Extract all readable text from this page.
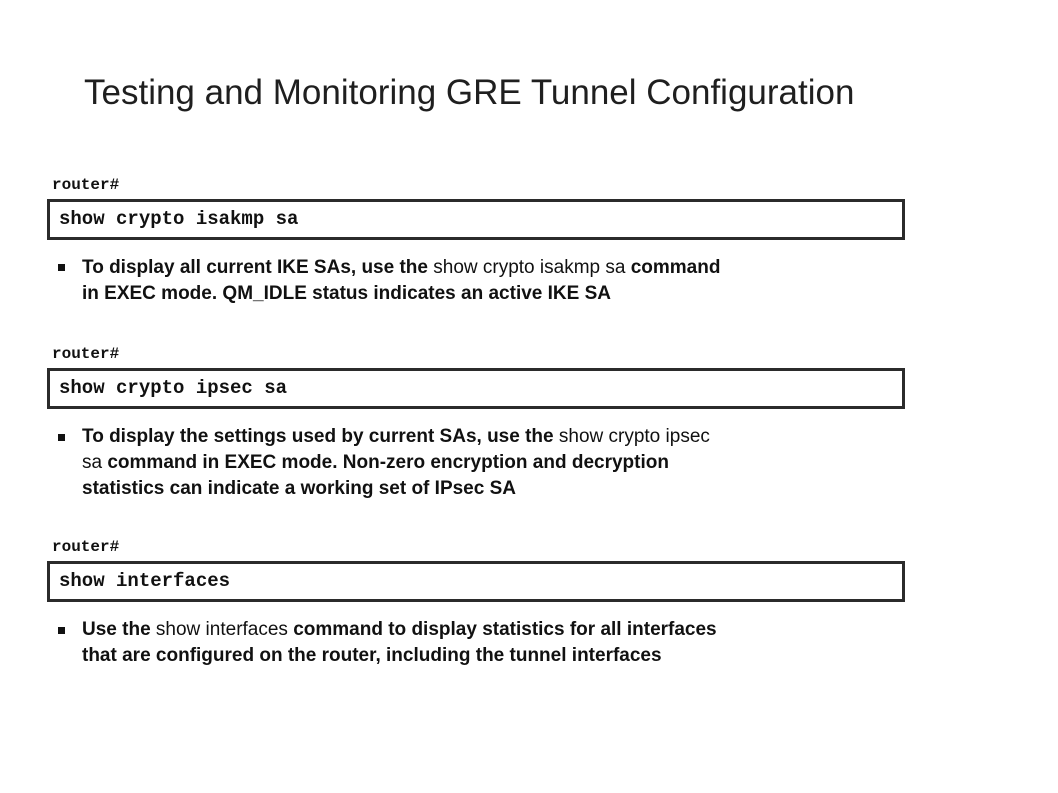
Testing and Monitoring GRE Tunnel Configuration
router#
show crypto isakmp sa
To display all current IKE SAs, use the show crypto isakmp sa command
in EXEC mode. QM_IDLE status indicates an active IKE SA
router#
show crypto ipsec sa
To display the settings used by current SAs, use the show crypto ipsec
sa command in EXEC mode. Non-zero encryption and decryption
statistics can indicate a working set of IPsec SA
router#
show interfaces
Use the show interfaces command to display statistics for all interfaces
that are configured on the router, including the tunnel interfaces
